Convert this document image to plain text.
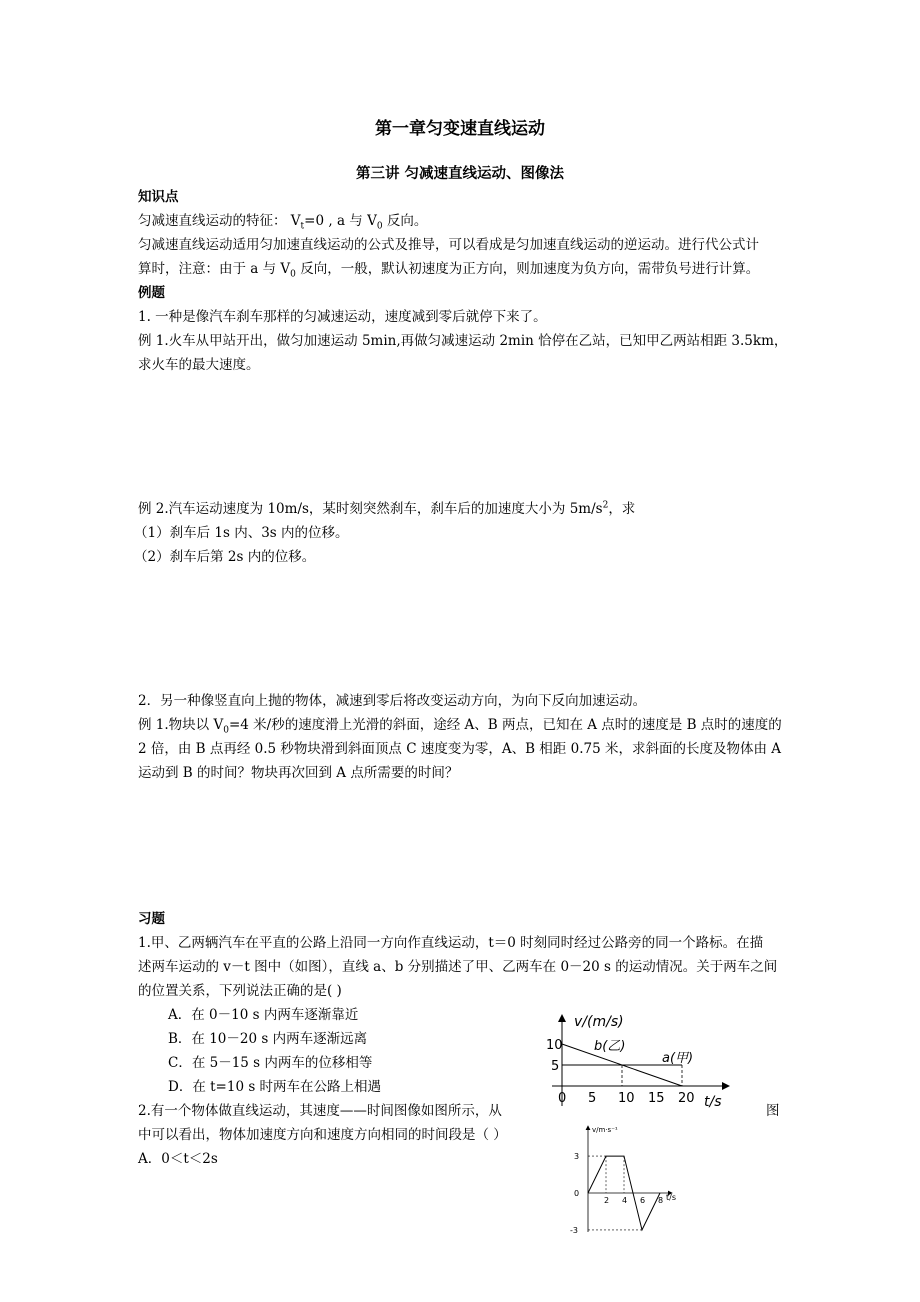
第一章匀变速直线运动
第三讲 匀减速直线运动、图像法
知识点
匀减速直线运动的特征： $V_t=0$ , a 与 $V_0$ 反向。
匀减速直线运动适用匀加速直线运动的公式及推导，可以看成是匀加速直线运动的逆运动。进行代公式计
算时，注意：由于 a 与 $V_0$ 反向，一般，默认初速度为正方向，则加速度为负方向，需带负号进行计算。
例题
1. 一种是像汽车刹车那样的匀减速运动，速度减到零后就停下来了。
例 1.火车从甲站开出，做匀加速运动 5min,再做匀减速运动 2min 恰停在乙站，已知甲乙两站相距 3.5km，
求火车的最大速度。
例 2.汽车运动速度为 10m/s，某时刻突然刹车，刹车后的加速度大小为 $5m/s^2$，求
（1）刹车后 1s 内、3s 内的位移。
（2）刹车后第 2s 内的位移。
2．另一种像竖直向上抛的物体，减速到零后将改变运动方向，为向下反向加速运动。
例 1.物块以 $V_0=4$ 米/秒的速度滑上光滑的斜面，途经 A、B 两点，已知在 A 点时的速度是 B 点时的速度的
2 倍，由 B 点再经 0.5 秒物块滑到斜面顶点 C 速度变为零，A、B 相距 0.75 米，求斜面的长度及物体由 A
运动到 B 的时间？物块再次回到 A 点所需要的时间？
习题
1.甲、乙两辆汽车在平直的公路上沿同一方向作直线运动，t＝0 时刻同时经过公路旁的同一个路标。在描
述两车运动的 v－t 图中（如图），直线 a、b 分别描述了甲、乙两车在 0－20 s 的运动情况。关于两车之间
的位置关系，下列说法正确的是( )
A．在 0－10 s 内两车逐渐靠近
B．在 10－20 s 内两车逐渐远离
C．在 5－15 s 内两车的位移相等
D．在 t=10 s 时两车在公路上相遇
2.有一个物体做直线运动，其速度——时间图像如图所示，从	图
中可以看出，物体加速度方向和速度方向相同的时间段是（ ）
A．0＜t＜2s
0 5 10 15 20
5
10
v/(m/s)
t/s
b(乙)
a(甲)
2 4 6 8
3
0
-3
v/m·s⁻¹
t/s
